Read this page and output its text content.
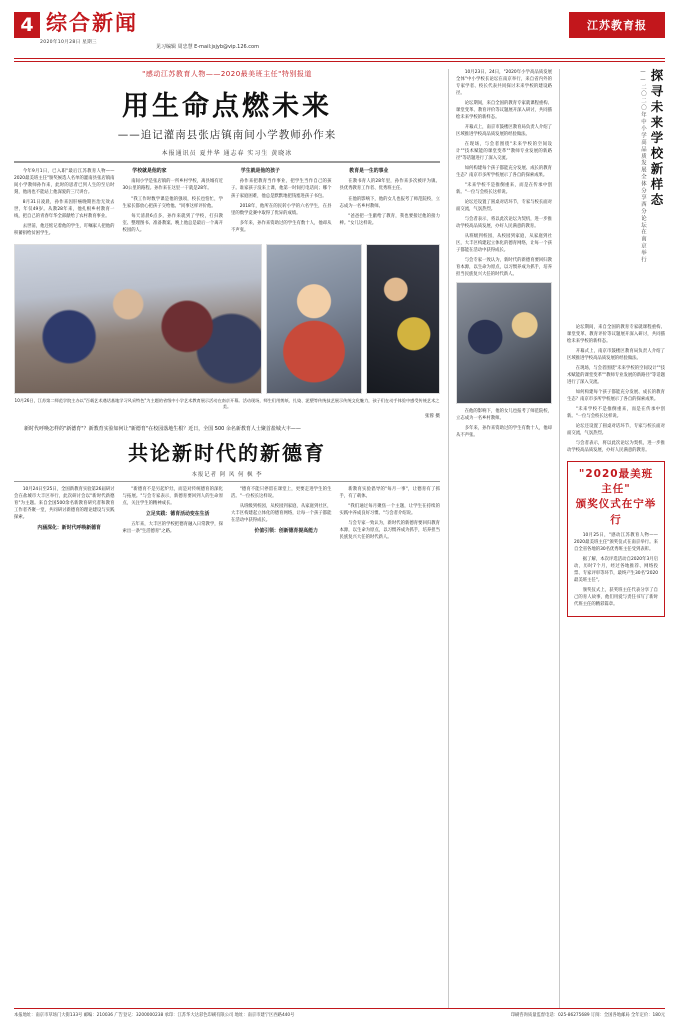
4 综合新闻
2020年10月28日 星期三
见习编辑 周忠慧 E-mail:jsjyb@vip.126.com
江苏教育报
"感动江苏教育人物——2020最美班主任"特别报道
用生命点燃未来
——追记灌南县张店镇南间小学教师孙作来
本报通讯员 夏井华 通志春 实习生 黄晓冰

今年9月1日，已入职"最后江苏教育人物——2020最美班主任"颁奖候选人名单的灌南县张店镇南间小学教师孙作来，此时的思者已到人生的至后时刻，他再也不能站上他深爱的三尺讲台。

8月31日凌晨，孙作来因肝癌晚期医治无效去世，年仅49岁。从教28年来，他扎根乡村教育一线，把自己的青春年华全部献给了农村教育事业。

去世前，他还惦记着他的学生，叮嘱家人把他的积蓄捐给贫困学生。

学校就是他的家

南间小学是张店镇的一所乡村学校，离县城有近30公里的路程。孙作来在这里一干就是28年。

"我工作时数学课是他的强项，校长也怕忙，学生家长都放心把孩子交给他。"同事这样评价他。

每天清晨6点多，孙作来就到了学校，打扫教室、整理图书、准备教案。晚上他总是最后一个离开校园的人。

学生就是他的孩子

孙作来把教育当作事业，把学生当作自己的孩子。谁家孩子没来上课，他第一时间打电话问；哪个孩子家庭困难，他总是默默地把钱塞进孩子书包。

2018年，他所在的民转小学的六名学生，在县里的数学竞赛中取得了优异的成绩。

多年来，孙作来资助过的学生有数十人，他却从不声张。

教育是一生的事业

在教书育人的28年里，孙作来多次被评为镇、县优秀教育工作者、优秀班主任。

在他的影响下，他的女儿也报考了师范院校，立志成为一名乡村教师。

"爸爸把一生献给了教育，我也要接过他的接力棒。"女儿这样说。

10月26日，江苏第二师范学院主办以"百载艺术遇话基地学习风采特色"为主题的省级中小学艺术教育展示活动在南京开幕。活动现场，师生们用剪纸、扎染、泥塑等传统技艺展示传统文化魅力，孩子们在动手体验中感受传统艺术之美。
张蓉 摄
新时代呼唤怎样的"新德育"？新教育实验如何让"新德育"在校园落地生根？近日，全国 500 余名新教育人士聚首盐城大丰——
共论新时代的新德育
本报记者 阿 风 何 枫 李

10月24日至25日，全国新教育实验第26届研讨会在盐城市大丰区举行，此次研讨会以"新时代新德育"为主题。来自全国500余名新教育研究者和教育工作者齐聚一堂，共同研讨新德育的理论建设与实践探索。

内涵深化：新时代呼唤新德育

"新德育不是另起炉灶，而是对传统德育的深化与拓展。"与会专家表示，新德育要回到人的生命原点，关注学生的精神成长。

立足实践：德育活动变在生活

五年来，大丰区的学校把德育融入日常教学，探索出一条"生活德育"之路。

"德育不能只停留在课堂上，更要走进学生的生活。"一位校长这样说。

从班级到校园，从校园到家庭，从家庭到社区，大丰区构建起立体化的德育网络，让每一个孩子都能在活动中获得成长。

价值引领：创新德育提高能力

新教育实验倡导的"每月一事"，让德育有了抓手，有了载体。

"我们通过每月聚焦一个主题，让学生在持续的实践中养成良好习惯。"与会者介绍说。

与会专家一致认为，新时代的新德育要回归教育本源，以生命为原点，以习惯养成为抓手，培养担当民族复兴大任的时代新人。

10月23日、24日，"2020年小学高品质发展全体"中小学校长论坛在南京举行，来自省内外的专家学者、校长代表共同探讨未来学校的建设路径。

论坛期间，来自全国的教育专家就课程重构、课堂变革、教育评价等议题展开深入研讨，共同描绘未来学校的新样态。

开幕式上，南京市鼓楼区教育局负责人介绍了区域推进学校高品质发展的经验做法。

在现场，与会者围绕"未来学校的空间设计""技术赋能的课堂变革""教师专业发展的新路径"等话题进行了深入交流。

如何构建每个孩子都能充分发展、成长的教育生态？南京市多所学校展示了各自的探索成果。

"未来学校不是推倒重来，而是在传承中创新。"一位与会校长这样说。

论坛还设置了圆桌对话环节，专家与校长面对面交流，气氛热烈。

与会者表示，将以此次论坛为契机，进一步推动学校高品质发展，办好人民满意的教育。

从班级到校园，从校园到家庭，从家庭到社区，大丰区构建起立体化的德育网络，让每一个孩子都能在活动中获得成长。

与会专家一致认为，新时代的新德育要回归教育本源，以生命为原点，以习惯养成为抓手，培养担当民族复兴大任的时代新人。

在他的影响下，他的女儿也报考了师范院校，立志成为一名乡村教师。

多年来，孙作来资助过的学生有数十人，他却从不声张。

探寻未来学校新样态
——二〇二〇年中小学高品质发展全体分享西分论坛在南京举行

论坛期间，来自全国的教育专家就课程重构、课堂变革、教育评价等议题展开深入研讨，共同描绘未来学校的新样态。

开幕式上，南京市鼓楼区教育局负责人介绍了区域推进学校高品质发展的经验做法。

在现场，与会者围绕"未来学校的空间设计""技术赋能的课堂变革""教师专业发展的新路径"等话题进行了深入交流。

如何构建每个孩子都能充分发展、成长的教育生态？南京市多所学校展示了各自的探索成果。

"未来学校不是推倒重来，而是在传承中创新。"一位与会校长这样说。

论坛还设置了圆桌对话环节，专家与校长面对面交流，气氛热烈。

与会者表示，将以此次论坛为契机，进一步推动学校高品质发展，办好人民满意的教育。

"2020最美班主任"
颁奖仪式在宁举行

10月25日，"感动江苏教育人物——2020最美班主任"颁奖仪式在南京举行。来自全省各地的30名优秀班主任受到表彰。

据了解，本次评选活动自2020年3月启动，历时7个月，经过各地推荐、网络投票、专家评审等环节，最终产生30名"2020最美班主任"。

颁奖仪式上，获奖班主任代表分享了自己的育人故事，他们用爱与责任书写了新时代班主任的精彩篇章。

本报地址：南京市草场门大街133号 邮编：210036 广告登记：3200000238 承印：江苏华大达彩色印刷有限公司 地址：南京市建宁区西路440号	印刷咨询质量监督电话：025-86275689 订阅：全国各地邮局 全年定价：180元
